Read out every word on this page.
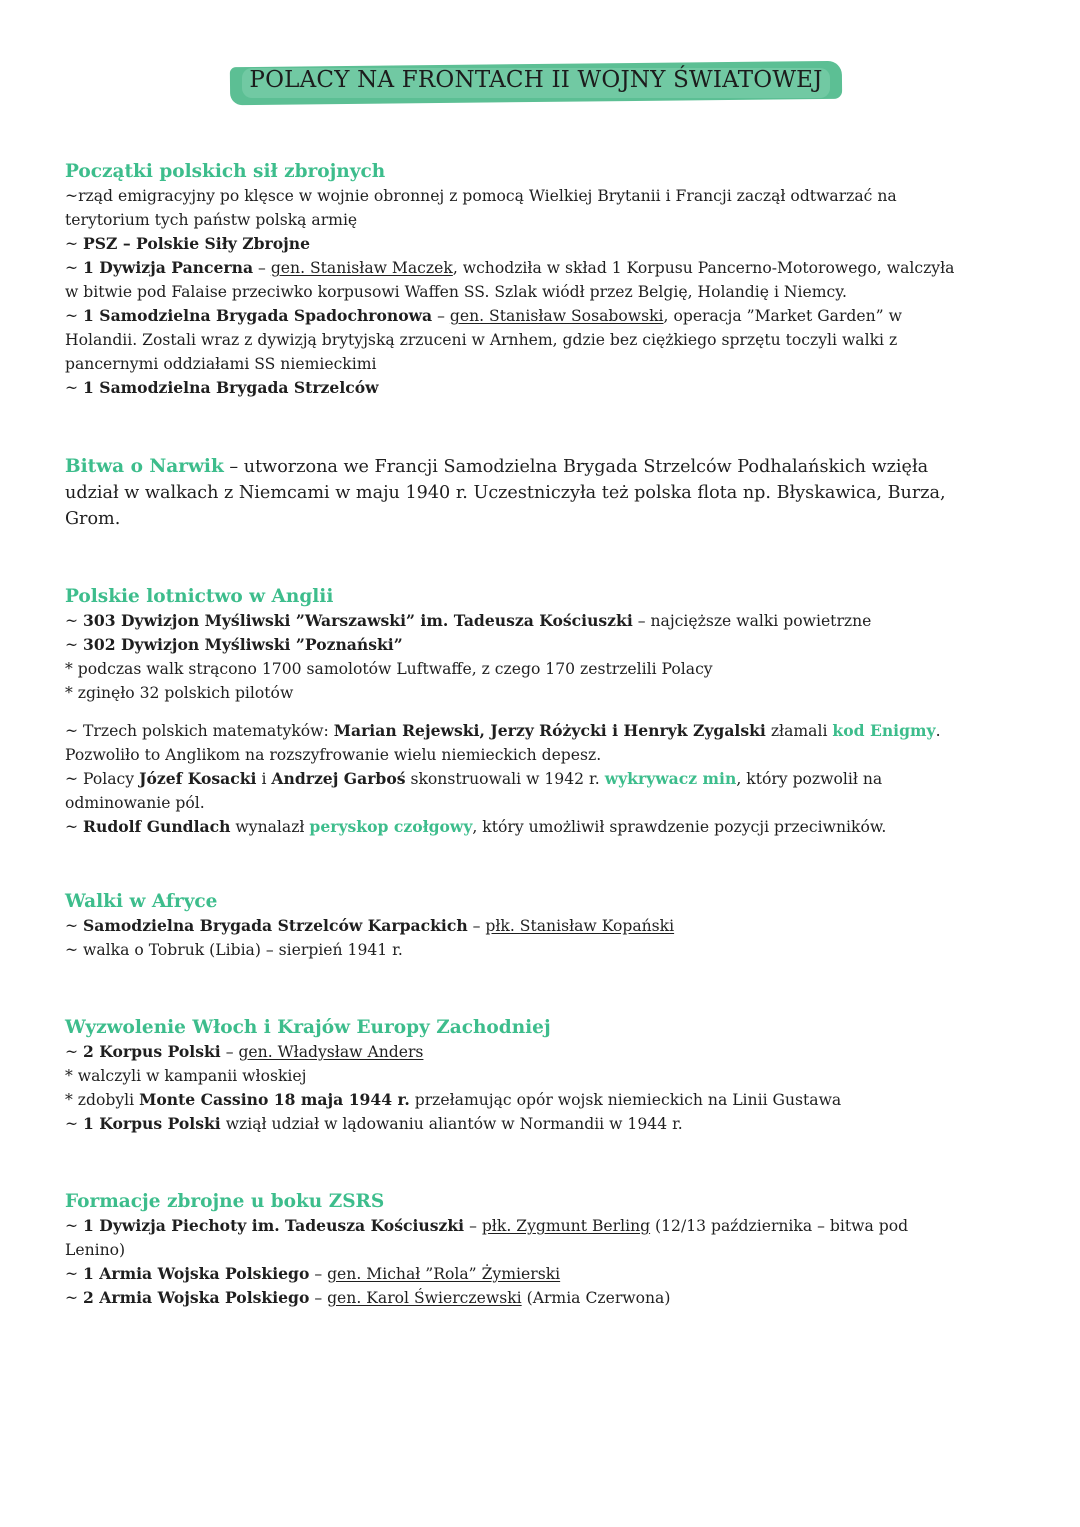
POLACY NA FRONTACH II WOJNY ŚWIATOWEJ
Początki polskich sił zbrojnych
~rząd emigracyjny po klęsce w wojnie obronnej z pomocą Wielkiej Brytanii i Francji zaczął odtwarzać na
terytorium tych państw polską armię
~ PSZ – Polskie Siły Zbrojne
~ 1 Dywizja Pancerna – gen. Stanisław Maczek, wchodziła w skład 1 Korpusu Pancerno-Motorowego, walczyła
w bitwie pod Falaise przeciwko korpusowi Waffen SS. Szlak wiódł przez Belgię, Holandię i Niemcy.
~ 1 Samodzielna Brygada Spadochronowa – gen. Stanisław Sosabowski, operacja ”Market Garden” w
Holandii. Zostali wraz z dywizją brytyjską zrzuceni w Arnhem, gdzie bez ciężkiego sprzętu toczyli walki z
pancernymi oddziałami SS niemieckimi
~ 1 Samodzielna Brygada Strzelców
Bitwa o Narwik – utworzona we Francji Samodzielna Brygada Strzelców Podhalańskich wzięła
udział w walkach z Niemcami w maju 1940 r. Uczestniczyła też polska flota np. Błyskawica, Burza,
Grom.
Polskie lotnictwo w Anglii
~ 303 Dywizjon Myśliwski ”Warszawski” im. Tadeusza Kościuszki – najcięższe walki powietrzne
~ 302 Dywizjon Myśliwski ”Poznański”
* podczas walk strącono 1700 samolotów Luftwaffe, z czego 170 zestrzelili Polacy
* zginęło 32 polskich pilotów
~ Trzech polskich matematyków: Marian Rejewski, Jerzy Różycki i Henryk Zygalski złamali kod Enigmy.
Pozwoliło to Anglikom na rozszyfrowanie wielu niemieckich depesz.
~ Polacy Józef Kosacki i Andrzej Garboś skonstruowali w 1942 r. wykrywacz min, który pozwolił na
odminowanie pól.
~ Rudolf Gundlach wynalazł peryskop czołgowy, który umożliwił sprawdzenie pozycji przeciwników.
Walki w Afryce
~ Samodzielna Brygada Strzelców Karpackich – płk. Stanisław Kopański
~ walka o Tobruk (Libia) – sierpień 1941 r.
Wyzwolenie Włoch i Krajów Europy Zachodniej
~ 2 Korpus Polski – gen. Władysław Anders
* walczyli w kampanii włoskiej
* zdobyli Monte Cassino 18 maja 1944 r. przełamując opór wojsk niemieckich na Linii Gustawa
~ 1 Korpus Polski wziął udział w lądowaniu aliantów w Normandii w 1944 r.
Formacje zbrojne u boku ZSRS
~ 1 Dywizja Piechoty im. Tadeusza Kościuszki – płk. Zygmunt Berling (12/13 października – bitwa pod
Lenino)
~ 1 Armia Wojska Polskiego – gen. Michał ”Rola” Żymierski
~ 2 Armia Wojska Polskiego – gen. Karol Świerczewski (Armia Czerwona)
